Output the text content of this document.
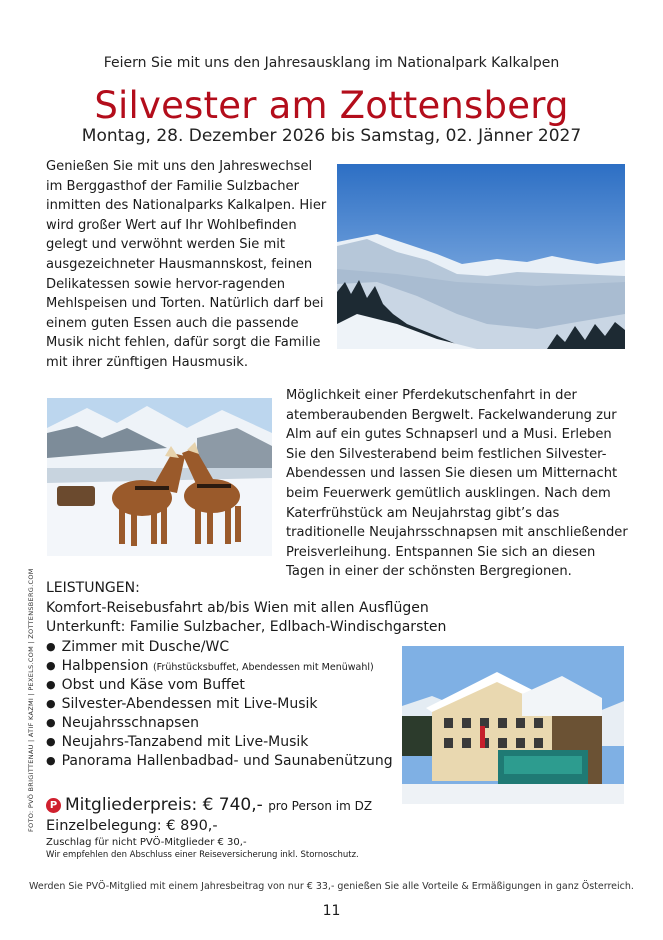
Feiern Sie mit uns den Jahresausklang im Nationalpark Kalkalpen
Silvester am Zottensberg
Montag, 28. Dezember 2026 bis Samstag, 02. Jänner 2027
Genießen Sie mit uns den Jahreswechsel
im Berggasthof der Familie Sulzbacher
inmitten des Nationalparks Kalkalpen. Hier
wird großer Wert auf Ihr Wohlbefinden
gelegt und verwöhnt werden Sie mit
ausgezeichneter Hausmannskost, feinen
Delikatessen sowie hervor-ragenden
Mehlspeisen und Torten. Natürlich darf bei
einem guten Essen auch die passende
Musik nicht fehlen, dafür sorgt die Familie
mit ihrer zünftigen Hausmusik.
Möglichkeit einer Pferdekutschenfahrt in der
atemberaubenden Bergwelt. Fackelwanderung zur
Alm auf ein gutes Schnapserl und a Musi. Erleben
Sie den Silvesterabend beim festlichen Silvester-
Abendessen und lassen Sie diesen um Mitternacht
beim Feuerwerk gemütlich ausklingen. Nach dem
Katerfrühstück am Neujahrstag gibt’s das
traditionelle Neujahrsschnapsen mit anschließender
Preisverleihung. Entspannen Sie sich an diesen
Tagen in einer der schönsten Bergregionen.
LEISTUNGEN:
Komfort-Reisebusfahrt ab/bis Wien mit allen Ausflügen
Unterkunft: Familie Sulzbacher, Edlbach-Windischgarsten
● Zimmer mit Dusche/WC
● Halbpension (Frühstücksbuffet, Abendessen mit Menüwahl)
● Obst und Käse vom Buffet
● Silvester-Abendessen mit Live-Musik
● Neujahrsschnapsen
● Neujahrs-Tanzabend mit Live-Musik
● Panorama Hallenbadbad- und Saunabenützung
P Mitgliederpreis: € 740,- pro Person im DZ
Einzelbelegung: € 890,-
Zuschlag für nicht PVÖ-Mitglieder € 30,-
Wir empfehlen den Abschluss einer Reiseversicherung inkl. Stornoschutz.
FOTO: PVÖ BRIGITTENAU | ATIF KAZMI | PEXELS.COM | ZOTTENSBERG.COM
Werden Sie PVÖ-Mitglied mit einem Jahresbeitrag von nur € 33,- genießen Sie alle Vorteile & Ermäßigungen in ganz Österreich.
11
